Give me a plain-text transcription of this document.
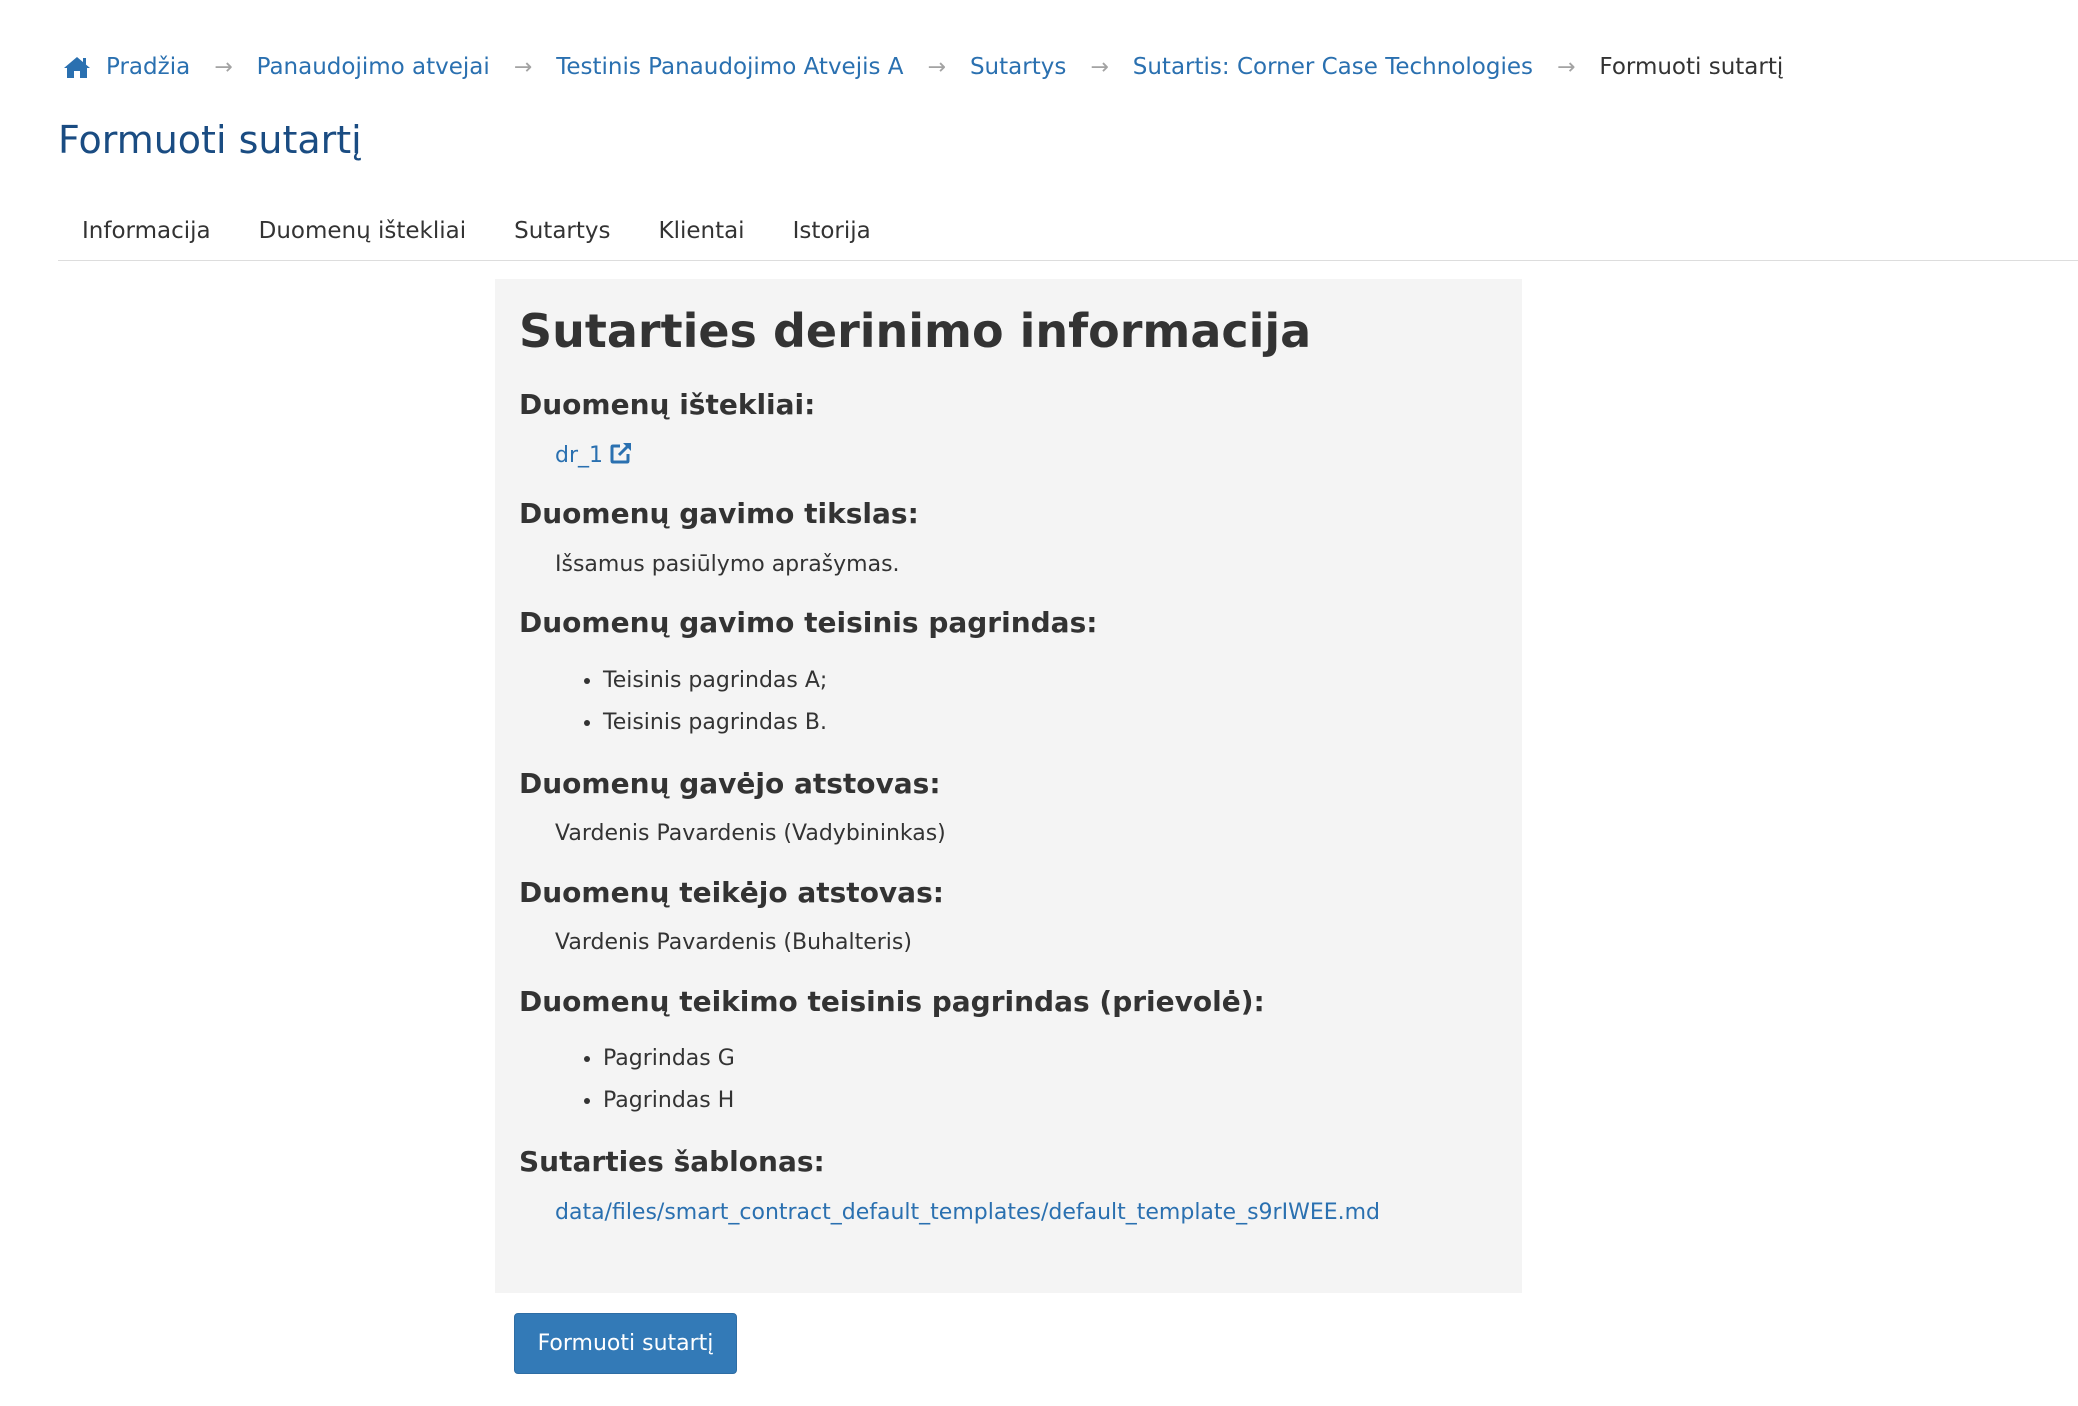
Pradžia → Panaudojimo atvejai → Testinis Panaudojimo Atvejis A → Sutartys → Sutartis: Corner Case Technologies → Formuoti sutartį
Formuoti sutartį
Informacija	Duomenų ištekliai	Sutartys	Klientai	Istorija
Sutarties derinimo informacija
Duomenų ištekliai:
dr_1
Duomenų gavimo tikslas:
Išsamus pasiūlymo aprašymas.
Duomenų gavimo teisinis pagrindas:
• Teisinis pagrindas A;
• Teisinis pagrindas B.
Duomenų gavėjo atstovas:
Vardenis Pavardenis (Vadybininkas)
Duomenų teikėjo atstovas:
Vardenis Pavardenis (Buhalteris)
Duomenų teikimo teisinis pagrindas (prievolė):
• Pagrindas G
• Pagrindas H
Sutarties šablonas:
data/files/smart_contract_default_templates/default_template_s9rIWEE.md
Formuoti sutartį
